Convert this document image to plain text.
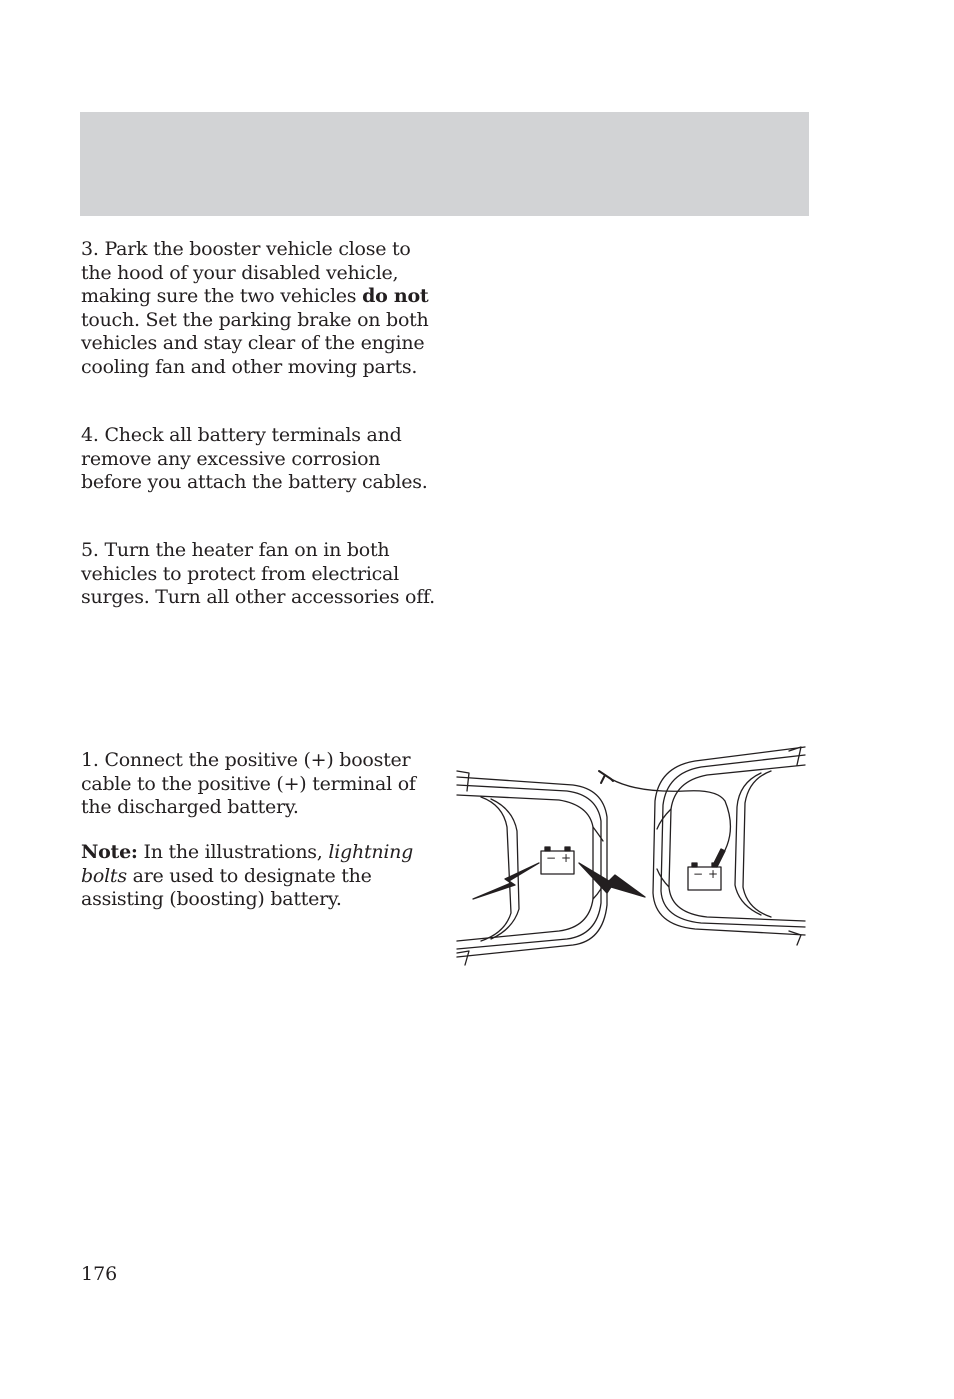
3. Park the booster vehicle close to the hood of your disabled vehicle, making sure the two vehicles do not touch. Set the parking brake on both vehicles and stay clear of the engine cooling fan and other moving parts.

4. Check all battery terminals and remove any excessive corrosion before you attach the battery cables.

5. Turn the heater fan on in both vehicles to protect from electrical surges. Turn all other accessories off.

1. Connect the positive (+) booster cable to the positive (+) terminal of the discharged battery.

Note: In the illustrations, lightning bolts are used to designate the assisting (boosting) battery.

− +
− +
176
